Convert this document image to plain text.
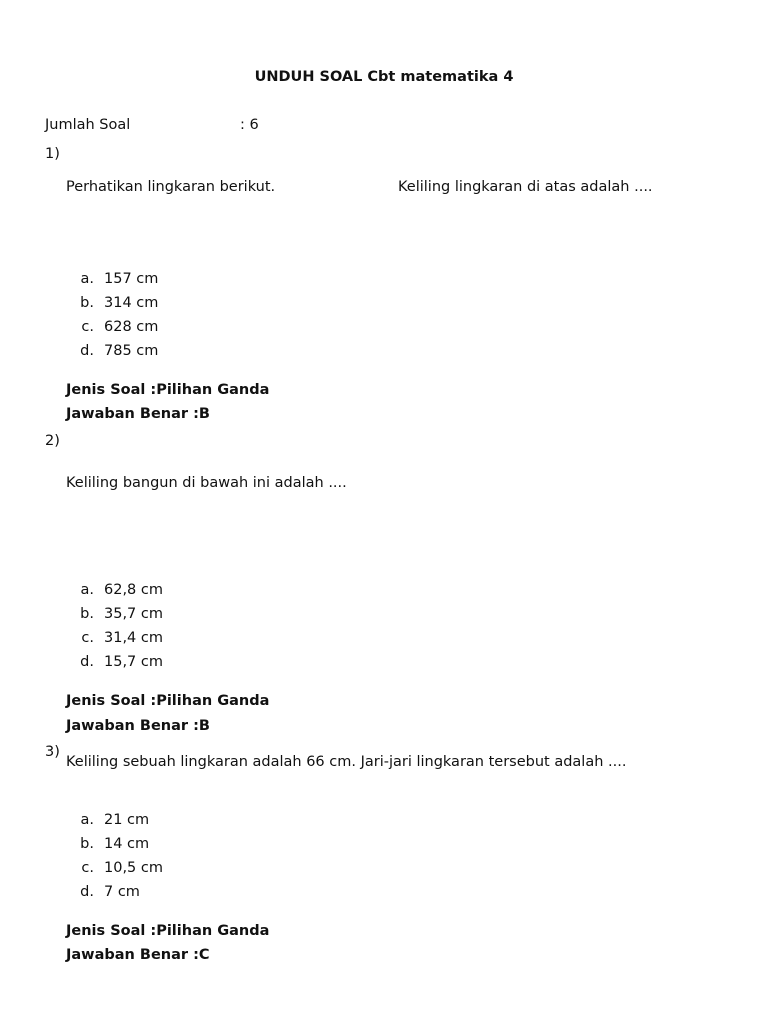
UNDUH SOAL Cbt matematika 4
Jumlah Soal	: 6
1)
Perhatikan lingkaran berikut.	Keliling lingkaran di atas adalah ....
a. 157 cm
b. 314 cm
c. 628 cm
d. 785 cm
Jenis Soal :Pilihan Ganda
Jawaban Benar :B
2)
Keliling bangun di bawah ini adalah ....
a. 62,8 cm
b. 35,7 cm
c. 31,4 cm
d. 15,7 cm
Jenis Soal :Pilihan Ganda
Jawaban Benar :B
3)
Keliling sebuah lingkaran adalah 66 cm. Jari-jari lingkaran tersebut adalah ....
a. 21 cm
b. 14 cm
c. 10,5 cm
d. 7 cm
Jenis Soal :Pilihan Ganda
Jawaban Benar :C
